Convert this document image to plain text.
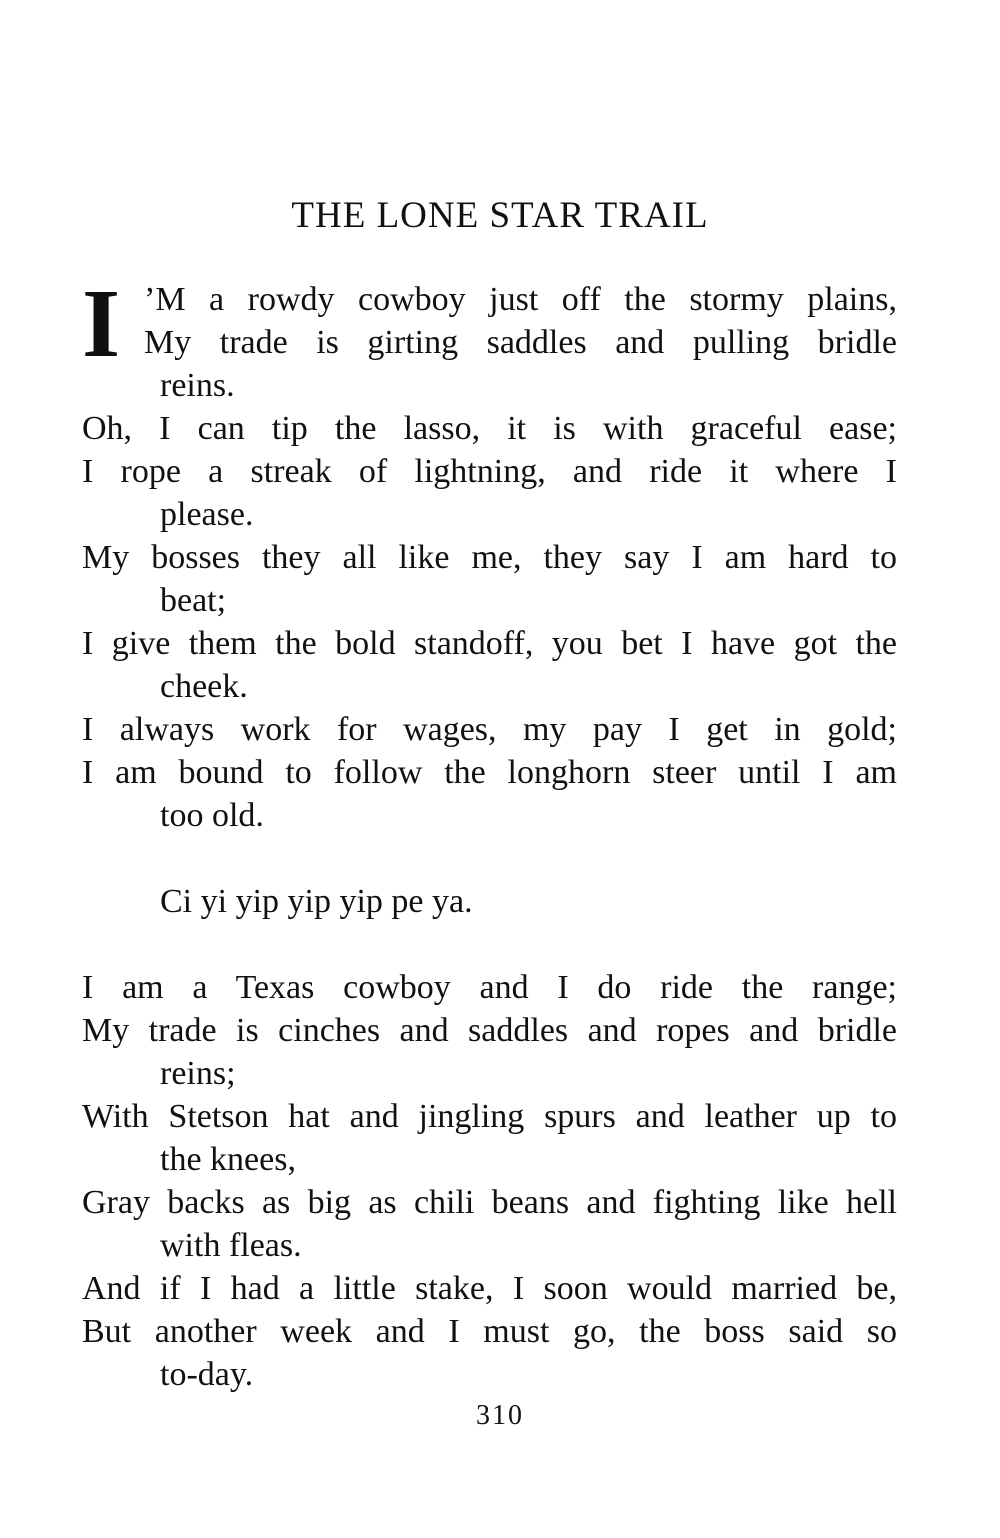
THE LONE STAR TRAIL
I ’M a rowdy cowboy just off the stormy plains,
My trade is girting saddles and pulling bridle
reins.
Oh, I can tip the lasso, it is with graceful ease;
I rope a streak of lightning, and ride it where I
please.
My bosses they all like me, they say I am hard to
beat;
I give them the bold standoff, you bet I have got the
cheek.
I always work for wages, my pay I get in gold;
I am bound to follow the longhorn steer until I am
too old.
Ci yi yip yip yip pe ya.
I am a Texas cowboy and I do ride the range;
My trade is cinches and saddles and ropes and bridle
reins;
With Stetson hat and jingling spurs and leather up to
the knees,
Gray backs as big as chili beans and fighting like hell
with fleas.
And if I had a little stake, I soon would married be,
But another week and I must go, the boss said so
to-day.
310
